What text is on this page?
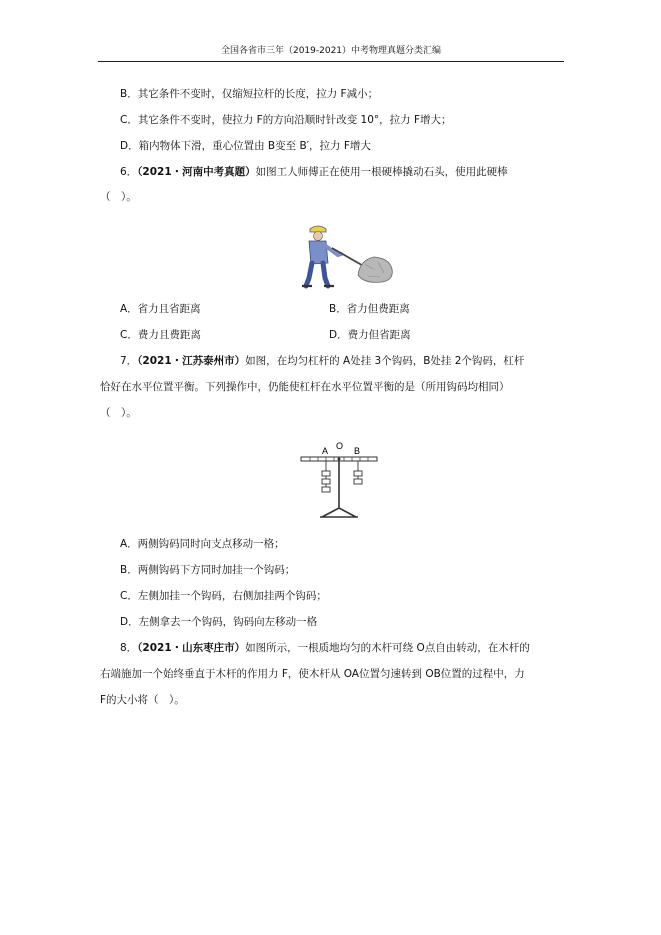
全国各省市三年（2019-2021）中考物理真题分类汇编
B．其它条件不变时，仅缩短拉杆的长度，拉力 F减小；
C．其它条件不变时，使拉力 F的方向沿顺时针改变 10°，拉力 F增大；
D．箱内物体下滑，重心位置由 B变至 B′，拉力 F增大
6．（2021・河南中考真题）如图工人师傅正在使用一根硬棒撬动石头，使用此硬棒
（　）。
A．省力且省距离	B．省力但费距离
C．费力且费距离	D．费力但省距离
7．（2021・江苏泰州市）如图，在均匀杠杆的 A处挂 3个钩码，B处挂 2个钩码，杠杆
恰好在水平位置平衡。下列操作中，仍能使杠杆在水平位置平衡的是（所用钩码均相同）
（　）。
A O B
A．两侧钩码同时向支点移动一格；
B．两侧钩码下方同时加挂一个钩码；
C．左侧加挂一个钩码，右侧加挂两个钩码；
D．左侧拿去一个钩码，钩码向左移动一格
8．（2021・山东枣庄市）如图所示，一根质地均匀的木杆可绕 O点自由转动，在木杆的
右端施加一个始终垂直于木杆的作用力 F，使木杆从 OA位置匀速转到 OB位置的过程中，力
F的大小将（　）。
